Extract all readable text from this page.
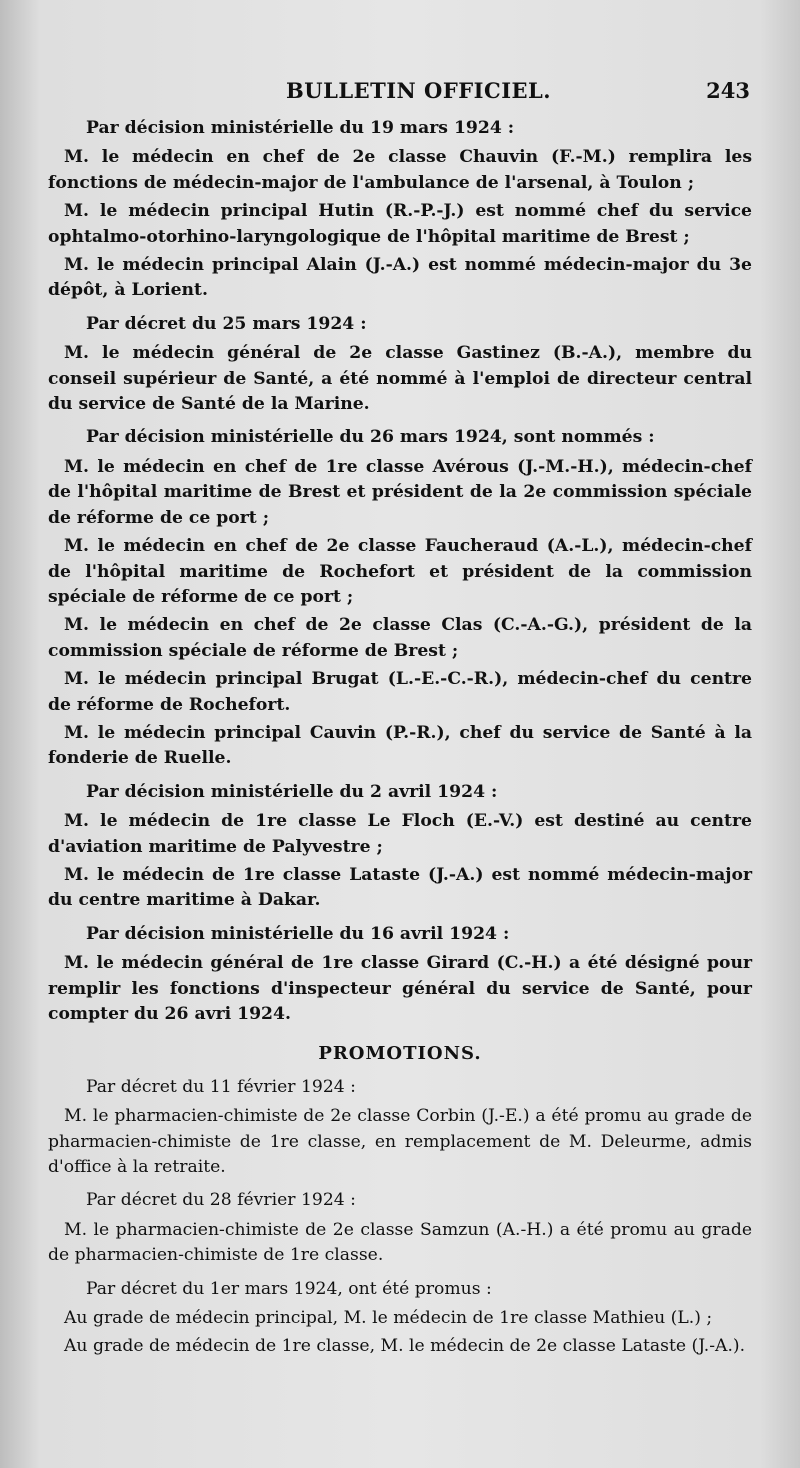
BULLETIN OFFICIEL.	243

Par décision ministérielle du 19 mars 1924 :

M. le médecin en chef de 2e classe Chauvin (F.-M.) remplira les fonctions de médecin-major de l'ambulance de l'arsenal, à Toulon ;

M. le médecin principal Hutin (R.-P.-J.) est nommé chef du service ophtalmo-otorhino-laryngologique de l'hôpital maritime de Brest ;

M. le médecin principal Alain (J.-A.) est nommé médecin-major du 3e dépôt, à Lorient.

Par décret du 25 mars 1924 :

M. le médecin général de 2e classe Gastinez (B.-A.), membre du conseil supérieur de Santé, a été nommé à l'emploi de directeur central du service de Santé de la Marine.

Par décision ministérielle du 26 mars 1924, sont nommés :

M. le médecin en chef de 1re classe Avérous (J.-M.-H.), médecin-chef de l'hôpital maritime de Brest et président de la 2e commission spéciale de réforme de ce port ;

M. le médecin en chef de 2e classe Faucheraud (A.-L.), médecin-chef de l'hôpital maritime de Rochefort et président de la commission spéciale de réforme de ce port ;

M. le médecin en chef de 2e classe Clas (C.-A.-G.), président de la commission spéciale de réforme de Brest ;

M. le médecin principal Brugat (L.-E.-C.-R.), médecin-chef du centre de réforme de Rochefort.

M. le médecin principal Cauvin (P.-R.), chef du service de Santé à la fonderie de Ruelle.

Par décision ministérielle du 2 avril 1924 :

M. le médecin de 1re classe Le Floch (E.-V.) est destiné au centre d'aviation maritime de Palyvestre ;

M. le médecin de 1re classe Lataste (J.-A.) est nommé médecin-major du centre maritime à Dakar.

Par décision ministérielle du 16 avril 1924 :

M. le médecin général de 1re classe Girard (C.-H.) a été désigné pour remplir les fonctions d'inspecteur général du service de Santé, pour compter du 26 avri 1924.

PROMOTIONS.

Par décret du 11 février 1924 :

M. le pharmacien-chimiste de 2e classe Corbin (J.-E.) a été promu au grade de pharmacien-chimiste de 1re classe, en remplacement de M. Deleurme, admis d'office à la retraite.

Par décret du 28 février 1924 :

M. le pharmacien-chimiste de 2e classe Samzun (A.-H.) a été promu au grade de pharmacien-chimiste de 1re classe.

Par décret du 1er mars 1924, ont été promus :

Au grade de médecin principal, M. le médecin de 1re classe Mathieu (L.) ;

Au grade de médecin de 1re classe, M. le médecin de 2e classe Lataste (J.-A.).
